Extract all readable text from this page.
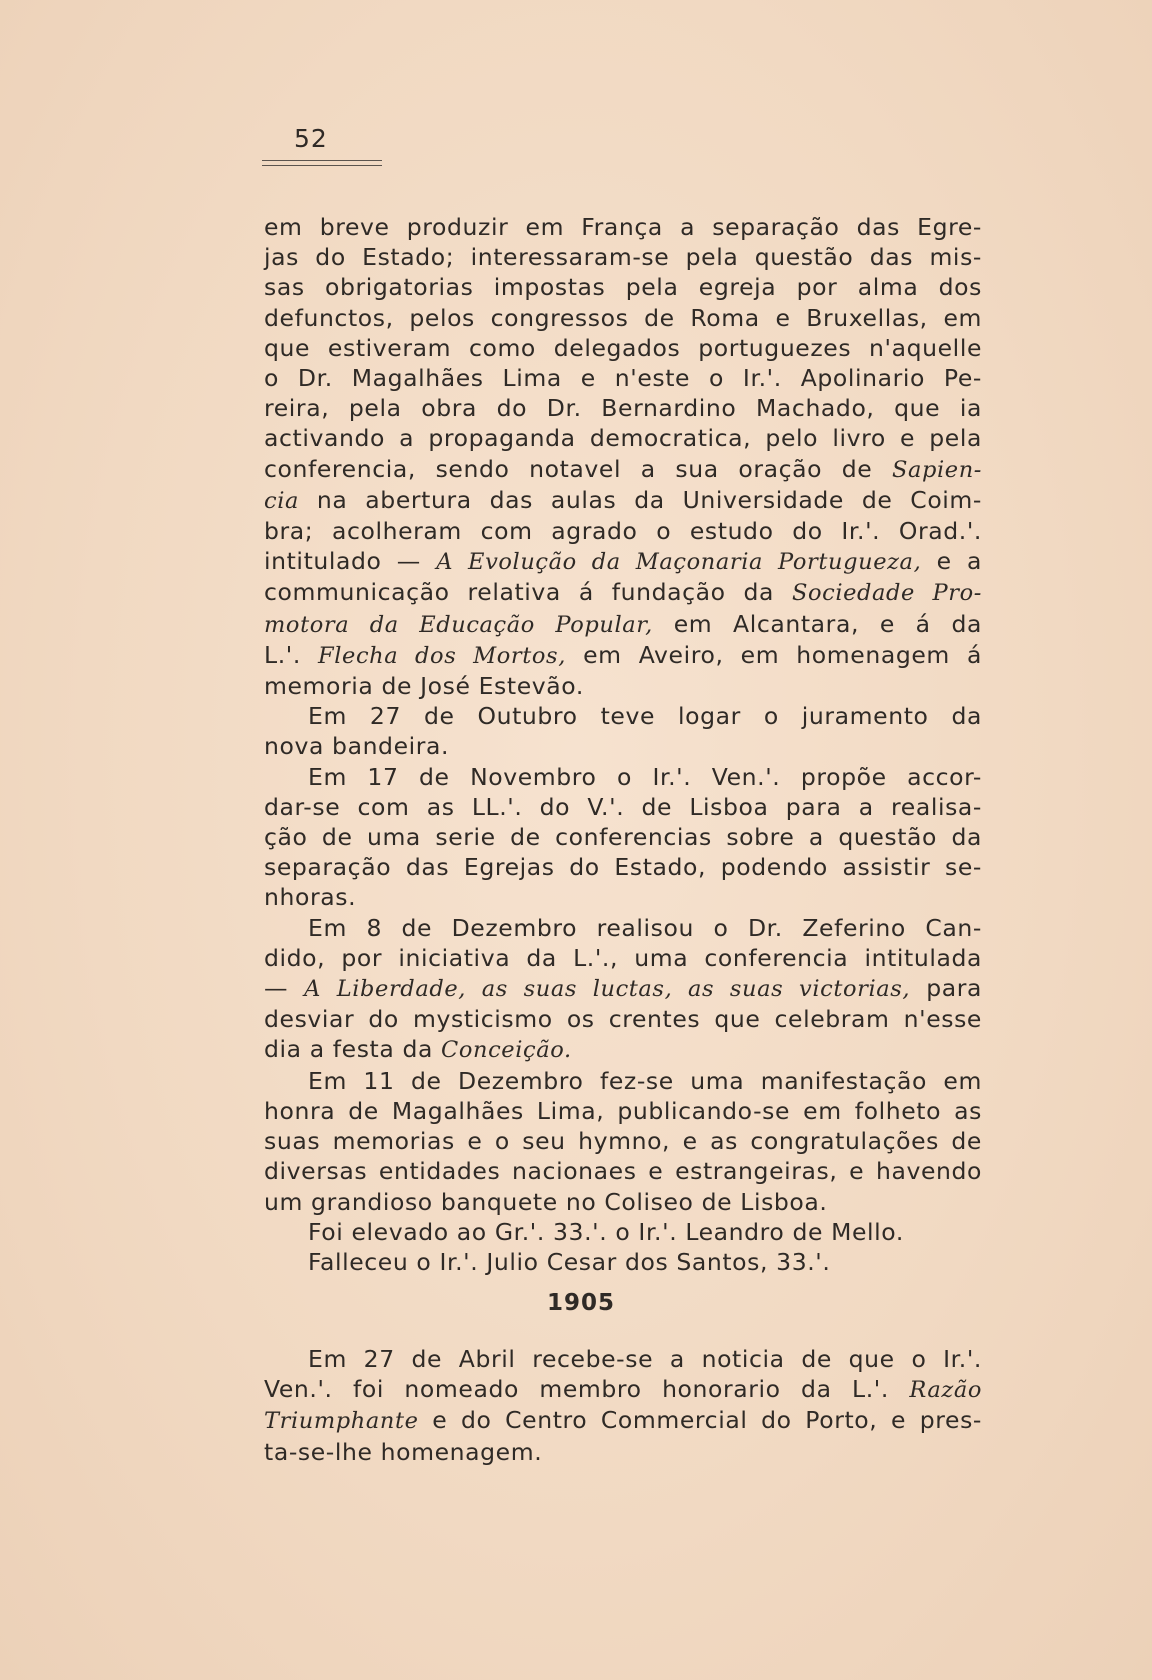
52
em breve produzir em França a separação das Egre-
jas do Estado; interessaram-se pela questão das mis-
sas obrigatorias impostas pela egreja por alma dos
defunctos, pelos congressos de Roma e Bruxellas, em
que estiveram como delegados portuguezes n'aquelle
o Dr. Magalhães Lima e n'este o Ir.'. Apolinario Pe-
reira, pela obra do Dr. Bernardino Machado, que ia
activando a propaganda democratica, pelo livro e pela
conferencia, sendo notavel a sua oração de Sapien-
cia na abertura das aulas da Universidade de Coim-
bra; acolheram com agrado o estudo do Ir.'. Orad.'.
intitulado — A Evolução da Maçonaria Portugueza, e a
communicação relativa á fundação da Sociedade Pro-
motora da Educação Popular, em Alcantara, e á da
L.'. Flecha dos Mortos, em Aveiro, em homenagem á
memoria de José Estevão.
Em 27 de Outubro teve logar o juramento da
nova bandeira.
Em 17 de Novembro o Ir.'. Ven.'. propõe accor-
dar-se com as LL.'. do V.'. de Lisboa para a realisa-
ção de uma serie de conferencias sobre a questão da
separação das Egrejas do Estado, podendo assistir se-
nhoras.
Em 8 de Dezembro realisou o Dr. Zeferino Can-
dido, por iniciativa da L.'., uma conferencia intitulada
— A Liberdade, as suas luctas, as suas victorias, para
desviar do mysticismo os crentes que celebram n'esse
dia a festa da Conceição.
Em 11 de Dezembro fez-se uma manifestação em
honra de Magalhães Lima, publicando-se em folheto as
suas memorias e o seu hymno, e as congratulações de
diversas entidades nacionaes e estrangeiras, e havendo
um grandioso banquete no Coliseo de Lisboa.
Foi elevado ao Gr.'. 33.'. o Ir.'. Leandro de Mello.
Falleceu o Ir.'. Julio Cesar dos Santos, 33.'.
1905
Em 27 de Abril recebe-se a noticia de que o Ir.'.
Ven.'. foi nomeado membro honorario da L.'. Razão
Triumphante e do Centro Commercial do Porto, e pres-
ta-se-lhe homenagem.
